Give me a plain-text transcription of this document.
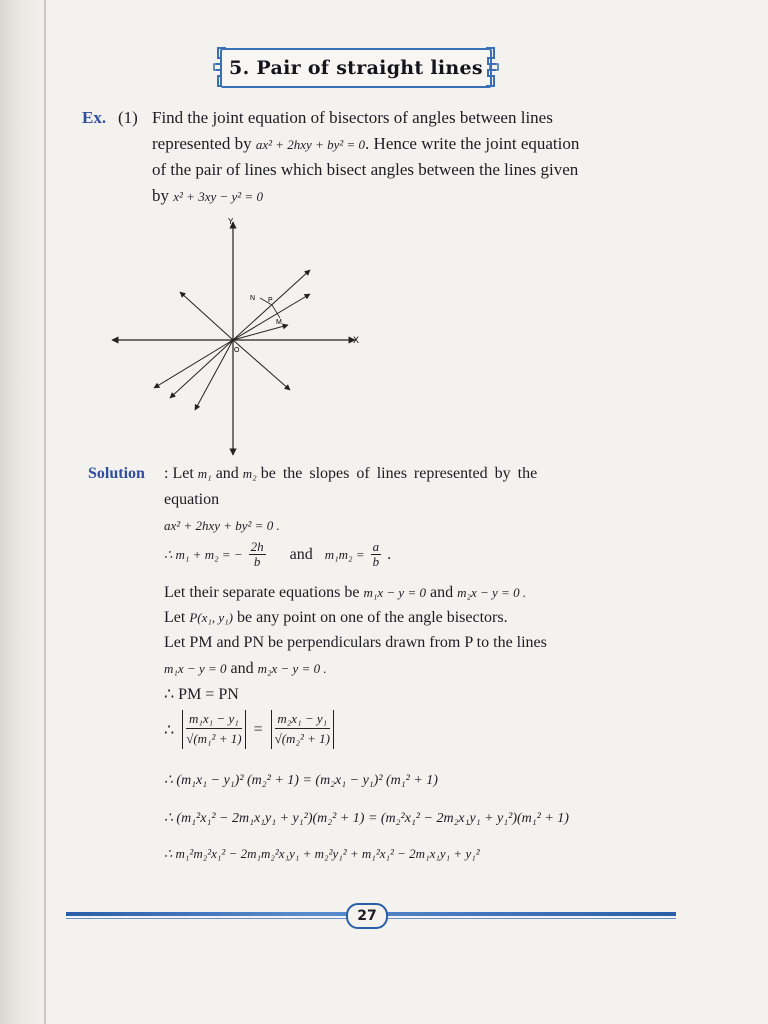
5. Pair of straight lines
Ex. (1) Find the joint equation of bisectors of angles between lines
represented by ax² + 2hxy + by² = 0. Hence write the joint equation
of the pair of lines which bisect angles between the lines given
by x² + 3xy − y² = 0
Y
X
O
N P
M
Solution : Let m₁ and m₂ be the slopes of lines represented by the
equation
ax² + 2hxy + by² = 0 .
∴ m₁ + m₂ = − $\frac{2h}{b}$ and $m_1m_2 = \frac{a}{b}$ .
Let their separate equations be m₁x − y = 0 and m₂x − y = 0 .
Let P(x₁, y₁) be any point on one of the angle bisectors.
Let PM and PN be perpendiculars drawn from P to the lines
m₁x − y = 0 and m₂x − y = 0 .
∴ PM = PN
∴ $\frac{\text{m₁x₁ − y₁}}{\text{√(m₁² + 1)}} = \frac{\text{m₂x₁ − y₁}}{\text{√(m₂² + 1)}}$
∴ (m₁x₁ − y₁)² (m₂² + 1) = (m₂x₁ − y₁)² (m₁² + 1)
∴ (m₁²x₁² − 2m₁x₁y₁ + y₁²)(m₂² + 1) = (m₂²x₁² − 2m₂x₁y₁ + y₁²)(m₁² + 1)
∴ m₁²m₂²x₁² − 2m₁m₂²x₁y₁ + m₂²y₁² + m₁²x₁² − 2m₁x₁y₁ + y₁²
27
